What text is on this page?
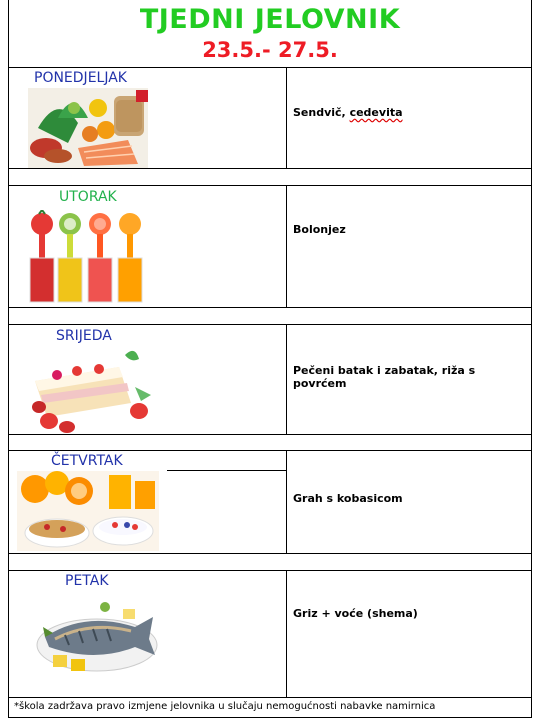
TJEDNI JELOVNIK
23.5.- 27.5.
PONEDJELJAK
Sendvič, cedevita
UTORAK
Bolonjez
SRIJEDA
Pečeni batak i zabatak, riža s povrćem
ČETVRTAK
Grah s kobasicom
PETAK
Griz + voće (shema)
*škola zadržava pravo izmjene jelovnika u slučaju nemogućnosti nabavke namirnica
